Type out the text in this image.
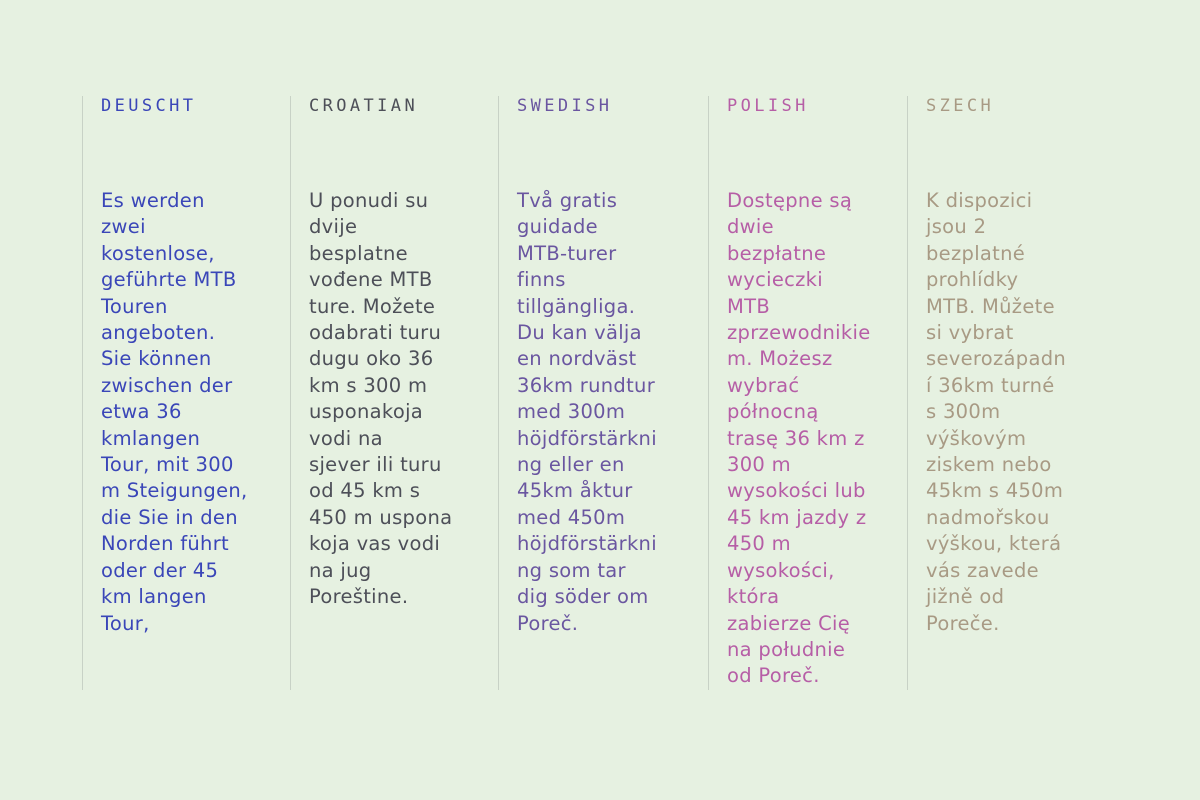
DEUSCHT

Es werden
zwei
kostenlose,
geführte MTB
Touren
angeboten.
Sie können
zwischen der
etwa 36
kmlangen
Tour, mit 300
m Steigungen,
die Sie in den
Norden führt
oder der 45
km langen
Tour,

CROATIAN

U ponudi su
dvije
besplatne
vođene MTB
ture. Možete
odabrati turu
dugu oko 36
km s 300 m
usponakoja
vodi na
sjever ili turu
od 45 km s
450 m uspona
koja vas vodi
na jug
Poreštine.

SWEDISH

Två gratis
guidade
MTB-turer
finns
tillgängliga.
Du kan välja
en nordväst
36km rundtur
med 300m
höjdförstärkni
ng eller en
45km åktur
med 450m
höjdförstärkni
ng som tar
dig söder om
Poreč.

POLISH

Dostępne są
dwie
bezpłatne
wycieczki
MTB
zprzewodnikie
m. Możesz
wybrać
północną
trasę 36 km z
300 m
wysokości lub
45 km jazdy z
450 m
wysokości,
która
zabierze Cię
na południe
od Poreč.

SZECH

K dispozici
jsou 2
bezplatné
prohlídky
MTB. Můžete
si vybrat
severozápadn
í 36km turné
s 300m
výškovým
ziskem nebo
45km s 450m
nadmořskou
výškou, která
vás zavede
jižně od
Poreče.
